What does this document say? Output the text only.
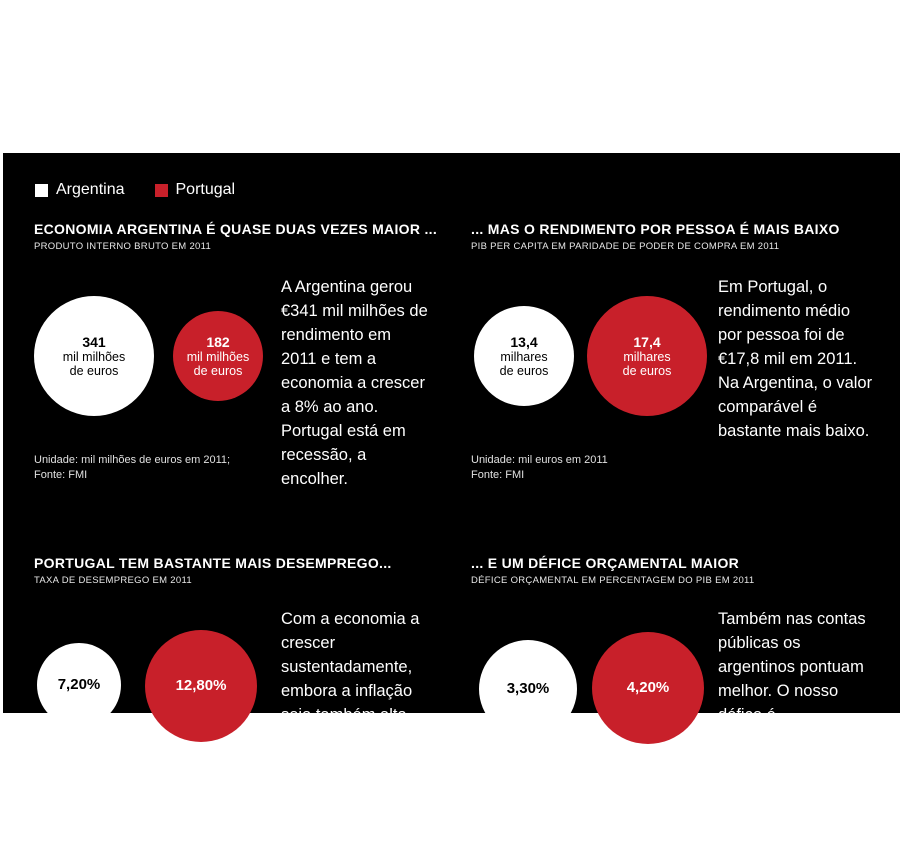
Argentina	Portugal
ECONOMIA ARGENTINA É QUASE DUAS VEZES MAIOR ...
PRODUTO INTERNO BRUTO EM 2011
341
mil milhões
de euros
182
mil milhões
de euros
A Argentina gerou €341 mil milhões de rendimento em 2011 e tem a economia a crescer a 8% ao ano. Portugal está em recessão, a encolher.
Unidade: mil milhões de euros em 2011; Fonte: FMI
... MAS O RENDIMENTO POR PESSOA É MAIS BAIXO
PIB PER CAPITA EM PARIDADE DE PODER DE COMPRA EM 2011
13,4
milhares
de euros
17,4
milhares
de euros
Em Portugal, o rendimento médio por pessoa foi de €17,8 mil em 2011. Na Argentina, o valor comparável é bastante mais baixo.
Unidade: mil euros em 2011 Fonte: FMI
PORTUGAL TEM BASTANTE MAIS DESEMPREGO...
TAXA DE DESEMPREGO EM 2011
7,20%	12,80%
Com a economia a crescer sustentadamente, embora a inflação seja também alta
... E UM DÉFICE ORÇAMENTAL MAIOR
DÉFICE ORÇAMENTAL EM PERCENTAGEM DO PIB EM 2011
3,30%	4,20%
Também nas contas públicas os argentinos pontuam melhor. O nosso défice é
